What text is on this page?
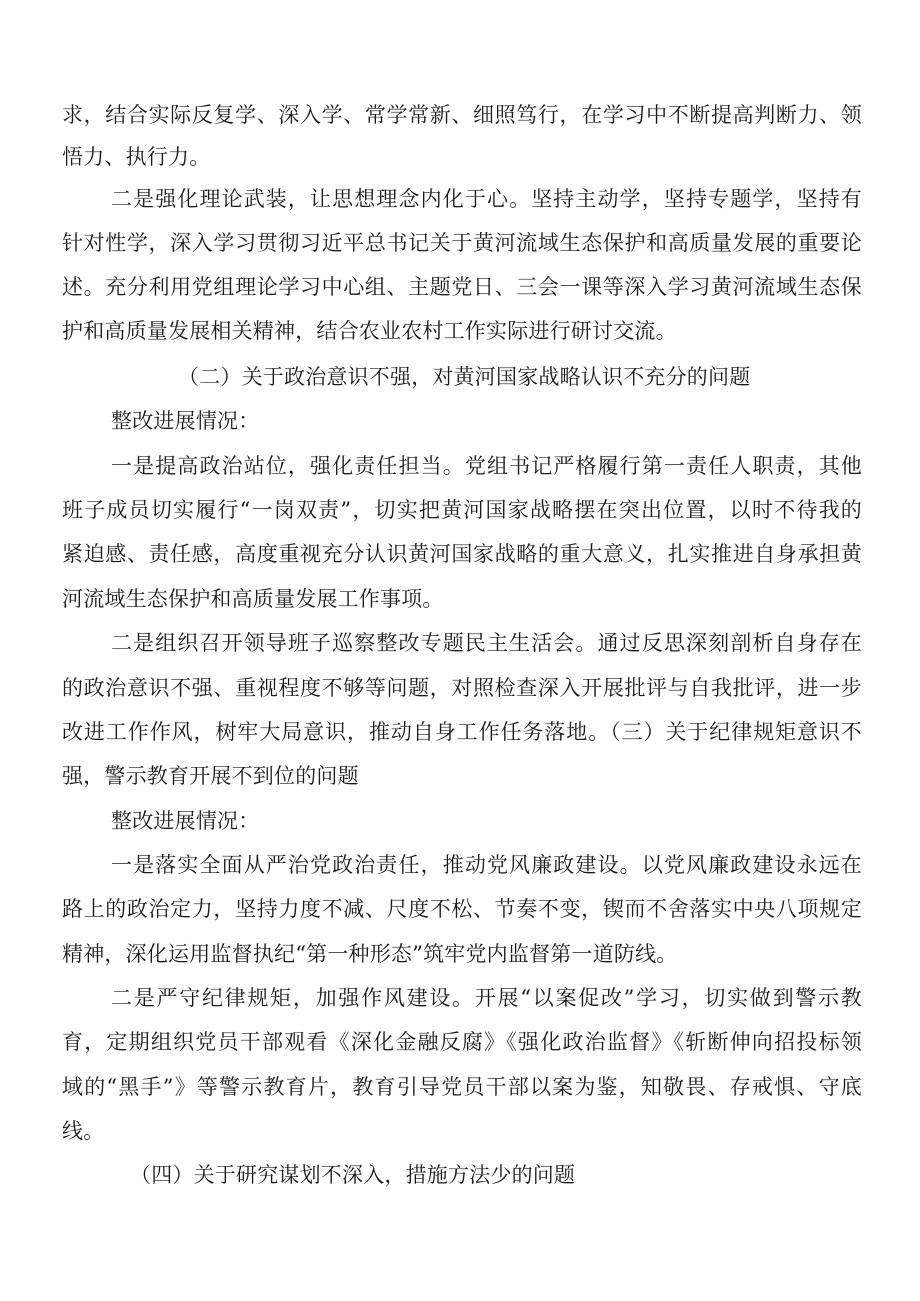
求，结合实际反复学、深入学、常学常新、细照笃行，在学习中不断提高判断力、领

悟力、执行力。

二是强化理论武装，让思想理念内化于心。坚持主动学，坚持专题学，坚持有

针对性学，深入学习贯彻习近平总书记关于黄河流域生态保护和高质量发展的重要论

述。充分利用党组理论学习中心组、主题党日、三会一课等深入学习黄河流域生态保

护和高质量发展相关精神，结合农业农村工作实际进行研讨交流。

（二）关于政治意识不强，对黄河国家战略认识不充分的问题

整改进展情况：

一是提高政治站位，强化责任担当。党组书记严格履行第一责任人职责，其他

班子成员切实履行“一岗双责”，切实把黄河国家战略摆在突出位置，以时不待我的

紧迫感、责任感，高度重视充分认识黄河国家战略的重大意义，扎实推进自身承担黄

河流域生态保护和高质量发展工作事项。

二是组织召开领导班子巡察整改专题民主生活会。通过反思深刻剖析自身存在

的政治意识不强、重视程度不够等问题，对照检查深入开展批评与自我批评，进一步

改进工作作风，树牢大局意识，推动自身工作任务落地。（三）关于纪律规矩意识不

强，警示教育开展不到位的问题

整改进展情况：

一是落实全面从严治党政治责任，推动党风廉政建设。以党风廉政建设永远在

路上的政治定力，坚持力度不减、尺度不松、节奏不变，锲而不舍落实中央八项规定

精神，深化运用监督执纪“第一种形态”筑牢党内监督第一道防线。

二是严守纪律规矩，加强作风建设。开展“以案促改”学习，切实做到警示教

育，定期组织党员干部观看《深化金融反腐》《强化政治监督》《斩断伸向招投标领

域的“黑手”》等警示教育片，教育引导党员干部以案为鉴，知敬畏、存戒惧、守底

线。

（四）关于研究谋划不深入，措施方法少的问题
